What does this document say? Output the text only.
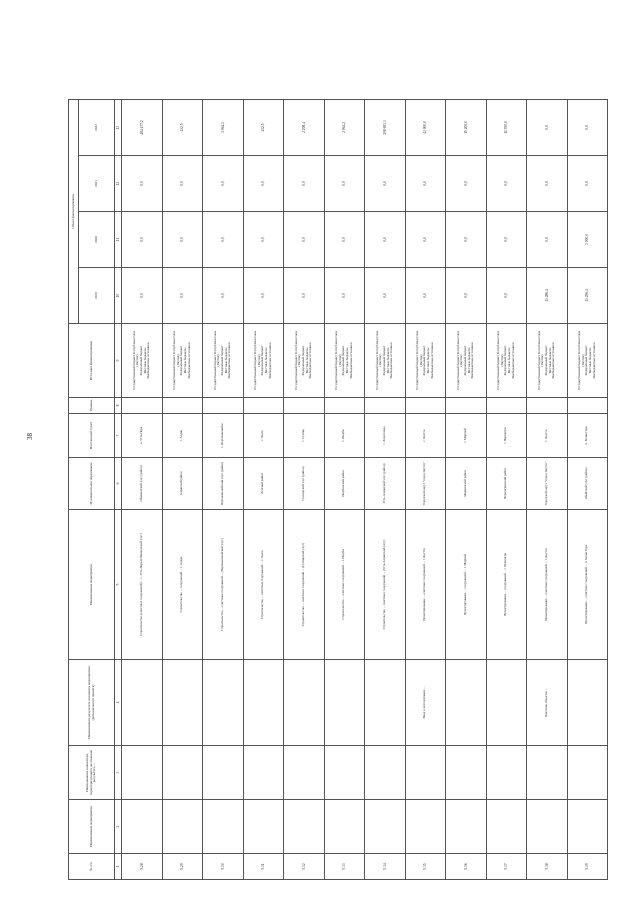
38
№ п/п	Наименование мероприятия	Наименование показателя, характеризующего достижение результата, ...	Наименование результата основного мероприятия (регионального проекта)	Наименование мероприятия	Муниципальное образование	Населенный пункт	Уровень	Источник финансирования	Объем финансирования			
									2019	2020	2021	2022
1	2	3	4	5	6	7	8	9	10	11	12	13
5.28				Строительство (очистных сооружений) ... с. Усть-Нера (Оймяконский улус)	Оймяконский улус (район)	п. Усть-Нера		Государственный бюджет Республики Саха (Якутия) Федеральный бюджет Местные бюджеты Внебюджетные источники	0,0	0,0	0,0	484 477,2
5.29				Строительство ... сооружений ... г. Алдан	Алданский район	г. Алдан		Государственный бюджет Республики Саха (Якутия) Федеральный бюджет Местные бюджеты Внебюджетные источники	0,0	0,0	0,0	432,5
5.30				Строительство ... очистных сооружений ... (Верхневилюйский улус)	Верхневилюйский улус (район)	с. Верхневилюйск		Государственный бюджет Республики Саха (Якутия) Федеральный бюджет Местные бюджеты Внебюджетные источники	0,0	0,0	0,0	1 064,3
5.31				Строительство ... очистных сооружений ... г. Ленск	Ленский район	г. Ленск		Государственный бюджет Республики Саха (Якутия) Федеральный бюджет Местные бюджеты Внебюджетные источники	0,0	0,0	0,0	432,5
5.32				Строительство ... очистных сооружений ... (Сунтарский улус)	Сунтарский улус (район)	с. Сунтар		Государственный бюджет Республики Саха (Якутия) Федеральный бюджет Местные бюджеты Внебюджетные источники	0,0	0,0	0,0	2 208,4
5.33				Строительство ... очистных сооружений ... г. Нюрба	Нюрбинский район	г. Нюрба		Государственный бюджет Республики Саха (Якутия) Федеральный бюджет Местные бюджеты Внебюджетные источники	0,0	0,0	0,0	2 064,2
5.34				Строительство ... очистных сооружений ... (Усть-Алданский улус)	Усть-Алданский улус (район)	с. Борогонцы		Государственный бюджет Республики Саха (Якутия) Федеральный бюджет Местные бюджеты Внебюджетные источники	0,0	0,0	0,0	208 693,3
5.35			Ввод в эксплуатацию ...	Проектирование ... очистных сооружений ... г. Якутск	Городской округ "город Якутск"	г. Якутск		Государственный бюджет Республики Саха (Якутия) Федеральный бюджет Местные бюджеты Внебюджетные источники	0,0	0,0	0,0	43 000,0
5.36				Проектирование ... сооружений ... г. Мирный	Мирнинский район	г. Мирный		Государственный бюджет Республики Саха (Якутия) Федеральный бюджет Местные бюджеты Внебюджетные источники	0,0	0,0	0,0	15 200,0
5.37				Проектирование ... сооружений ... г. Нерюнгри	Нерюнгринский район	г. Нерюнгри		Государственный бюджет Республики Саха (Якутия) Федеральный бюджет Местные бюджеты Внебюджетные источники	0,0	0,0	0,0	11 550,0
5.38			Внесение объектов ...	Проектирование ... очистных сооружений ... г. Якутск	Городской округ "город Якутск"	г. Якутск		Государственный бюджет Республики Саха (Якутия) Федеральный бюджет Местные бюджеты Внебюджетные источники	13 286,4	0,0	0,0	0,0
5.39				Проектирование ... очистных сооружений ... п. Белая Гора	Абыйский улус (район)	п. Белая Гора		Государственный бюджет Республики Саха (Якутия) Федеральный бюджет Местные бюджеты Внебюджетные источники	13 256,4	3 000,0	0,0	0,0
